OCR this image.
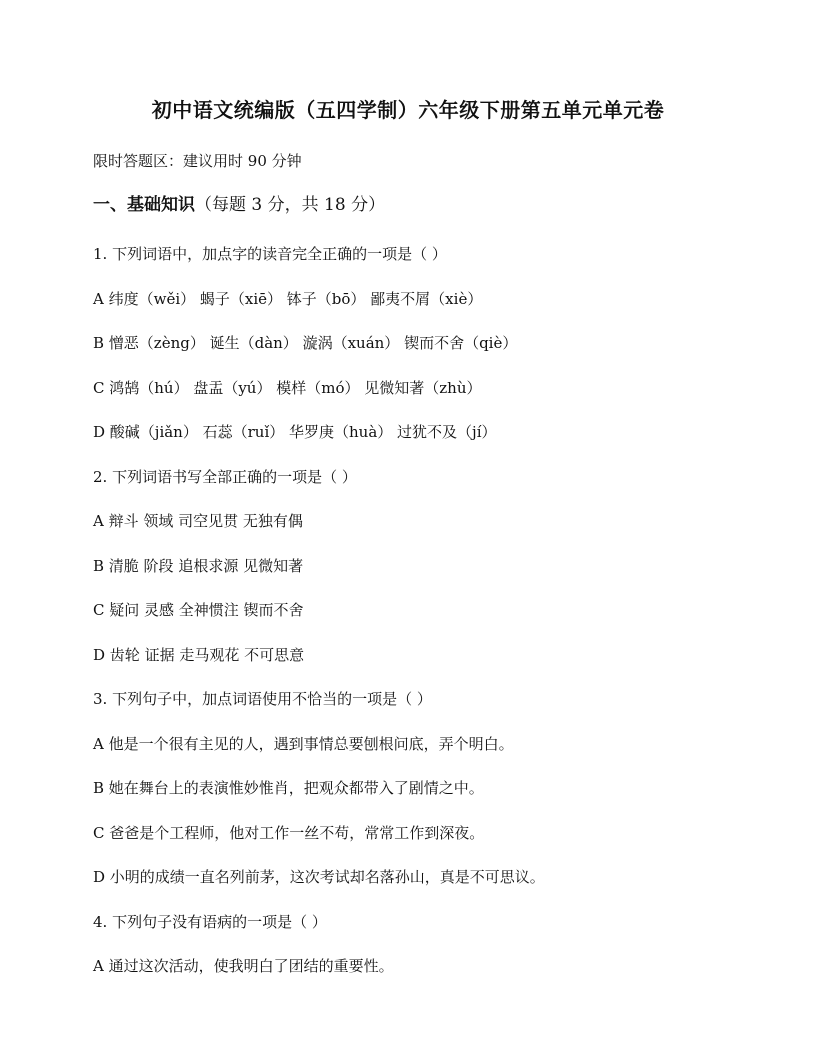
初中语文统编版（五四学制）六年级下册第五单元单元卷
限时答题区：建议用时 90 分钟
一、基础知识（每题 3 分，共 18 分）
1. 下列词语中，加点字的读音完全正确的一项是（ ）
A 纬度（wěi） 蝎子（xiē） 钵子（bō） 鄙夷不屑（xiè）
B 憎恶（zèng） 诞生（dàn） 漩涡（xuán） 锲而不舍（qiè）
C 鸿鹄（hú） 盘盂（yú） 模样（mó） 见微知著（zhù）
D 酸碱（jiǎn） 石蕊（ruǐ） 华罗庚（huà） 过犹不及（jí）
2. 下列词语书写全部正确的一项是（ ）
A 辩斗 领域 司空见贯 无独有偶
B 清脆 阶段 追根求源 见微知著
C 疑问 灵感 全神惯注 锲而不舍
D 齿轮 证据 走马观花 不可思意
3. 下列句子中，加点词语使用不恰当的一项是（ ）
A 他是一个很有主见的人，遇到事情总要刨根问底，弄个明白。
B 她在舞台上的表演惟妙惟肖，把观众都带入了剧情之中。
C 爸爸是个工程师，他对工作一丝不苟，常常工作到深夜。
D 小明的成绩一直名列前茅，这次考试却名落孙山，真是不可思议。
4. 下列句子没有语病的一项是（ ）
A 通过这次活动，使我明白了团结的重要性。
